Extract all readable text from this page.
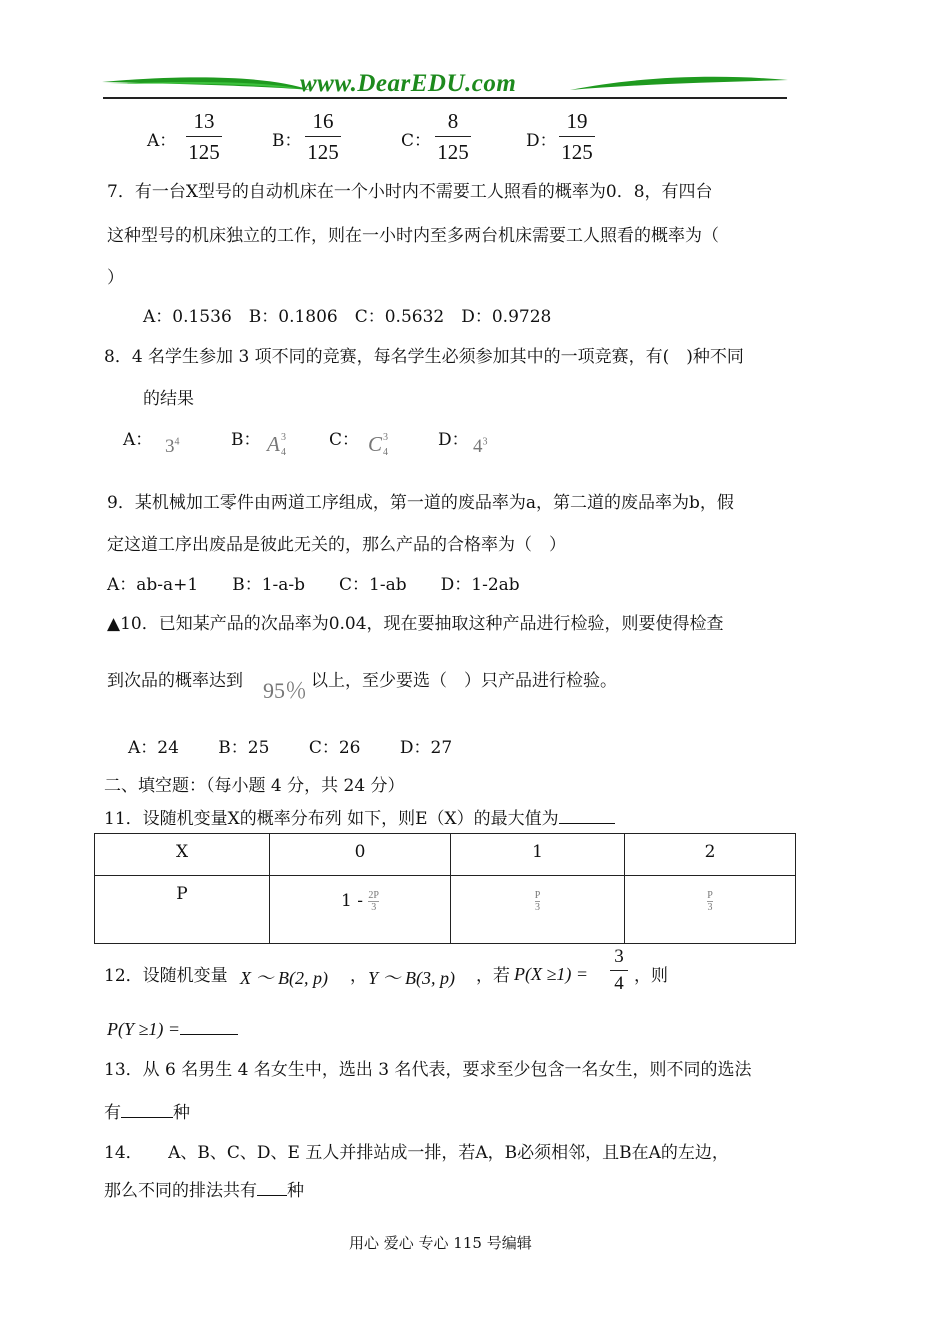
www.DearEDU.com
A：
13
125	B：
16
125	C：
8
125	D：
19
125
7．有一台X型号的自动机床在一个小时内不需要工人照看的概率为0．8，有四台
这种型号的机床独立的工作，则在一小时内至多两台机床需要工人照看的概率为（
）
A：0.1536　B：0.1806　C：0.5632　D：0.9728
8．4 名学生参加 3 项不同的竞赛，每名学生必须参加其中的一项竞赛，有(　)种不同
的结果
A： $3^4$	B： A 3
4
C： C 3
4
D： $4^3$
9．某机械加工零件由两道工序组成，第一道的废品率为a，第二道的废品率为b，假
定这道工序出废品是彼此无关的，那么产品的合格率为（　）
A：ab-a+1　　B：1-a-b　　C：1-ab　　D：1-2ab
▲10．已知某产品的次品率为0.04，现在要抽取这种产品进行检验，则要使得检查
到次品的概率达到 95％ 以上，至少要选（　）只产品进行检验。
A：24　　 B：25　　 C：26　　 D：27
二、填空题：（每小题 4 分，共 24 分）
11．设随机变量X的概率分布列 如下，则E（X）的最大值为
X	0	1	2
P	$1 - \frac{2P}{3}$	$\frac{P}{3}$	$\frac{P}{3}$
12．设随机变量 X ～ B(2, p) ， Y ～ B(3, p) ，若 P(X ≥1) =
3
4 ，则
P(Y ≥1) =
13．从 6 名男生 4 名女生中，选出 3 名代表，要求至少包含一名女生，则不同的选法
有	种
14．　　A、B、C、D、E 五人并排站成一排，若A，B必须相邻，且B在A的左边，
那么不同的排法共有 种
用心 爱心 专心 115 号编辑
